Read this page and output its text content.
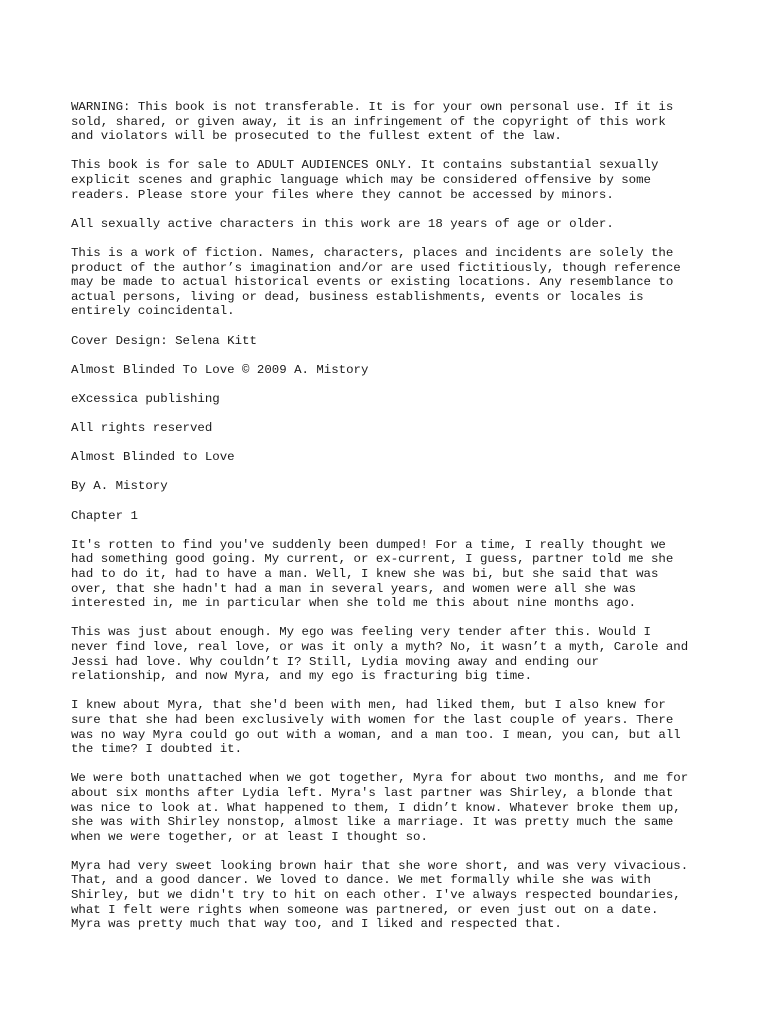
WARNING: This book is not transferable. It is for your own personal use. If it is
sold, shared, or given away, it is an infringement of the copyright of this work
and violators will be prosecuted to the fullest extent of the law.

This book is for sale to ADULT AUDIENCES ONLY. It contains substantial sexually
explicit scenes and graphic language which may be considered offensive by some
readers. Please store your files where they cannot be accessed by minors.

All sexually active characters in this work are 18 years of age or older.

This is a work of fiction. Names, characters, places and incidents are solely the
product of the author’s imagination and/or are used fictitiously, though reference
may be made to actual historical events or existing locations. Any resemblance to
actual persons, living or dead, business establishments, events or locales is
entirely coincidental.

Cover Design: Selena Kitt

Almost Blinded To Love © 2009 A. Mistory

eXcessica publishing

All rights reserved

Almost Blinded to Love

By A. Mistory

Chapter 1

It's rotten to find you've suddenly been dumped! For a time, I really thought we
had something good going. My current, or ex-current, I guess, partner told me she
had to do it, had to have a man. Well, I knew she was bi, but she said that was
over, that she hadn't had a man in several years, and women were all she was
interested in, me in particular when she told me this about nine months ago.

This was just about enough. My ego was feeling very tender after this. Would I
never find love, real love, or was it only a myth? No, it wasn’t a myth, Carole and
Jessi had love. Why couldn’t I? Still, Lydia moving away and ending our
relationship, and now Myra, and my ego is fracturing big time.

I knew about Myra, that she'd been with men, had liked them, but I also knew for
sure that she had been exclusively with women for the last couple of years. There
was no way Myra could go out with a woman, and a man too. I mean, you can, but all
the time? I doubted it.

We were both unattached when we got together, Myra for about two months, and me for
about six months after Lydia left. Myra's last partner was Shirley, a blonde that
was nice to look at. What happened to them, I didn’t know. Whatever broke them up,
she was with Shirley nonstop, almost like a marriage. It was pretty much the same
when we were together, or at least I thought so.

Myra had very sweet looking brown hair that she wore short, and was very vivacious.
That, and a good dancer. We loved to dance. We met formally while she was with
Shirley, but we didn't try to hit on each other. I've always respected boundaries,
what I felt were rights when someone was partnered, or even just out on a date.
Myra was pretty much that way too, and I liked and respected that.
